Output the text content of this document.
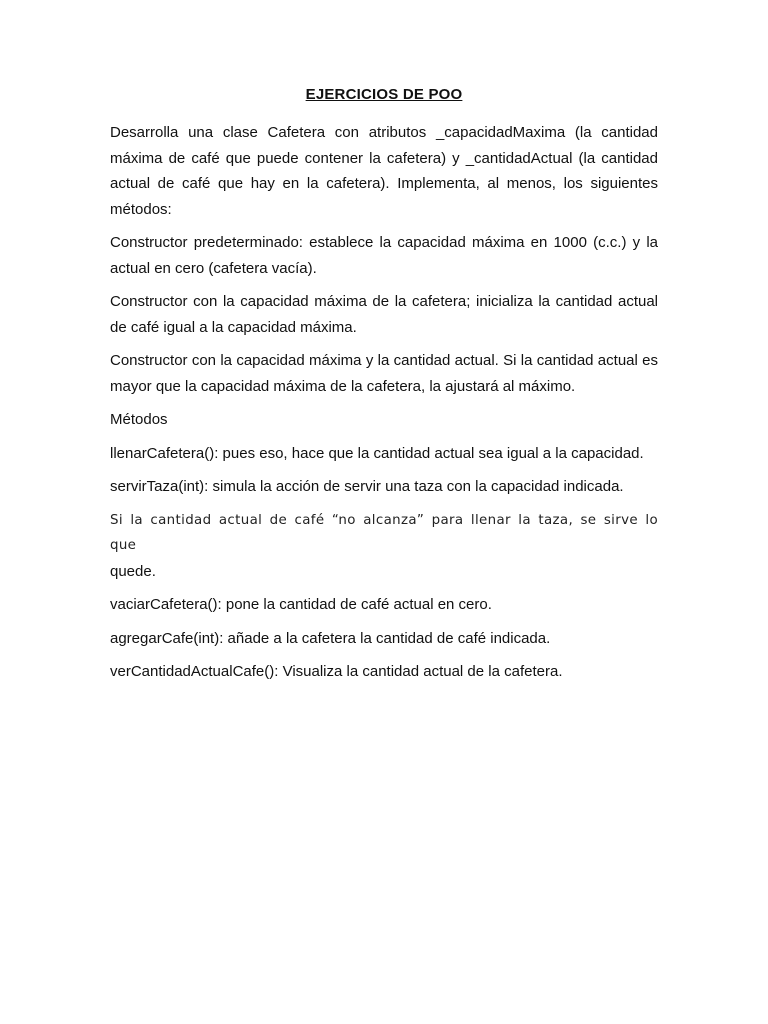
EJERCICIOS DE POO

Desarrolla una clase Cafetera con atributos _capacidadMaxima (la cantidad máxima de café que puede contener la cafetera) y _cantidadActual (la cantidad actual de café que hay en la cafetera). Implementa, al menos, los siguientes métodos:

Constructor predeterminado: establece la capacidad máxima en 1000 (c.c.) y la actual en cero (cafetera vacía).

Constructor con la capacidad máxima de la cafetera; inicializa la cantidad actual de café igual a la capacidad máxima.

Constructor con la capacidad máxima y la cantidad actual. Si la cantidad actual es mayor que la capacidad máxima de la cafetera, la ajustará al máximo.

Métodos

llenarCafetera(): pues eso, hace que la cantidad actual sea igual a la capacidad.

servirTaza(int): simula la acción de servir una taza con la capacidad indicada.

Si la cantidad actual de café “no alcanza” para llenar la taza, se sirve lo que
quede.

vaciarCafetera(): pone la cantidad de café actual en cero.

agregarCafe(int): añade a la cafetera la cantidad de café indicada.

verCantidadActualCafe(): Visualiza la cantidad actual de la cafetera.
